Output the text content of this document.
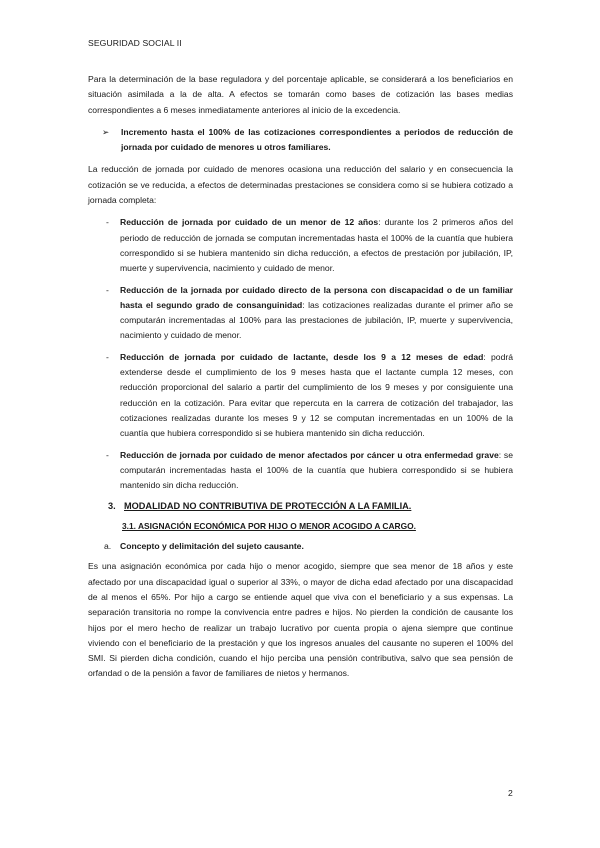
SEGURIDAD SOCIAL II

Para la determinación de la base reguladora y del porcentaje aplicable, se considerará a los beneficiarios en situación asimilada a la de alta. A efectos se tomarán como bases de cotización las bases medias correspondientes a 6 meses inmediatamente anteriores al inicio de la excedencia.

➢	Incremento hasta el 100% de las cotizaciones correspondientes a periodos de reducción de jornada por cuidado de menores u otros familiares.

La reducción de jornada por cuidado de menores ocasiona una reducción del salario y en consecuencia la cotización se ve reducida, a efectos de determinadas prestaciones se considera como si se hubiera cotizado a jornada completa:

- Reducción de jornada por cuidado de un menor de 12 años: durante los 2 primeros años del periodo de reducción de jornada se computan incrementadas hasta el 100% de la cuantía que hubiera correspondido si se hubiera mantenido sin dicha reducción, a efectos de prestación por jubilación, IP, muerte y supervivencia, nacimiento y cuidado de menor.
- Reducción de la jornada por cuidado directo de la persona con discapacidad o de un familiar hasta el segundo grado de consanguinidad: las cotizaciones realizadas durante el primer año se computarán incrementadas al 100% para las prestaciones de jubilación, IP, muerte y supervivencia, nacimiento y cuidado de menor.
- Reducción de jornada por cuidado de lactante, desde los 9 a 12 meses de edad: podrá extenderse desde el cumplimiento de los 9 meses hasta que el lactante cumpla 12 meses, con reducción proporcional del salario a partir del cumplimiento de los 9 meses y por consiguiente una reducción en la cotización. Para evitar que repercuta en la carrera de cotización del trabajador, las cotizaciones realizadas durante los meses 9 y 12 se computan incrementadas en un 100% de la cuantía que hubiera correspondido si se hubiera mantenido sin dicha reducción.
- Reducción de jornada por cuidado de menor afectados por cáncer u otra enfermedad grave: se computarán incrementadas hasta el 100% de la cuantía que hubiera correspondido si se hubiera mantenido sin dicha reducción.
3. MODALIDAD NO CONTRIBUTIVA DE PROTECCIÓN A LA FAMILIA.
3.1. ASIGNACIÓN ECONÓMICA POR HIJO O MENOR ACOGIDO A CARGO.
a.	Concepto y delimitación del sujeto causante.

Es una asignación económica por cada hijo o menor acogido, siempre que sea menor de 18 años y este afectado por una discapacidad igual o superior al 33%, o mayor de dicha edad afectado por una discapacidad de al menos el 65%. Por hijo a cargo se entiende aquel que viva con el beneficiario y a sus expensas. La separación transitoria no rompe la convivencia entre padres e hijos. No pierden la condición de causante los hijos por el mero hecho de realizar un trabajo lucrativo por cuenta propia o ajena siempre que continue viviendo con el beneficiario de la prestación y que los ingresos anuales del causante no superen el 100% del SMI. Si pierden dicha condición, cuando el hijo perciba una pensión contributiva, salvo que sea pensión de orfandad o de la pensión a favor de familiares de nietos y hermanos.

2
